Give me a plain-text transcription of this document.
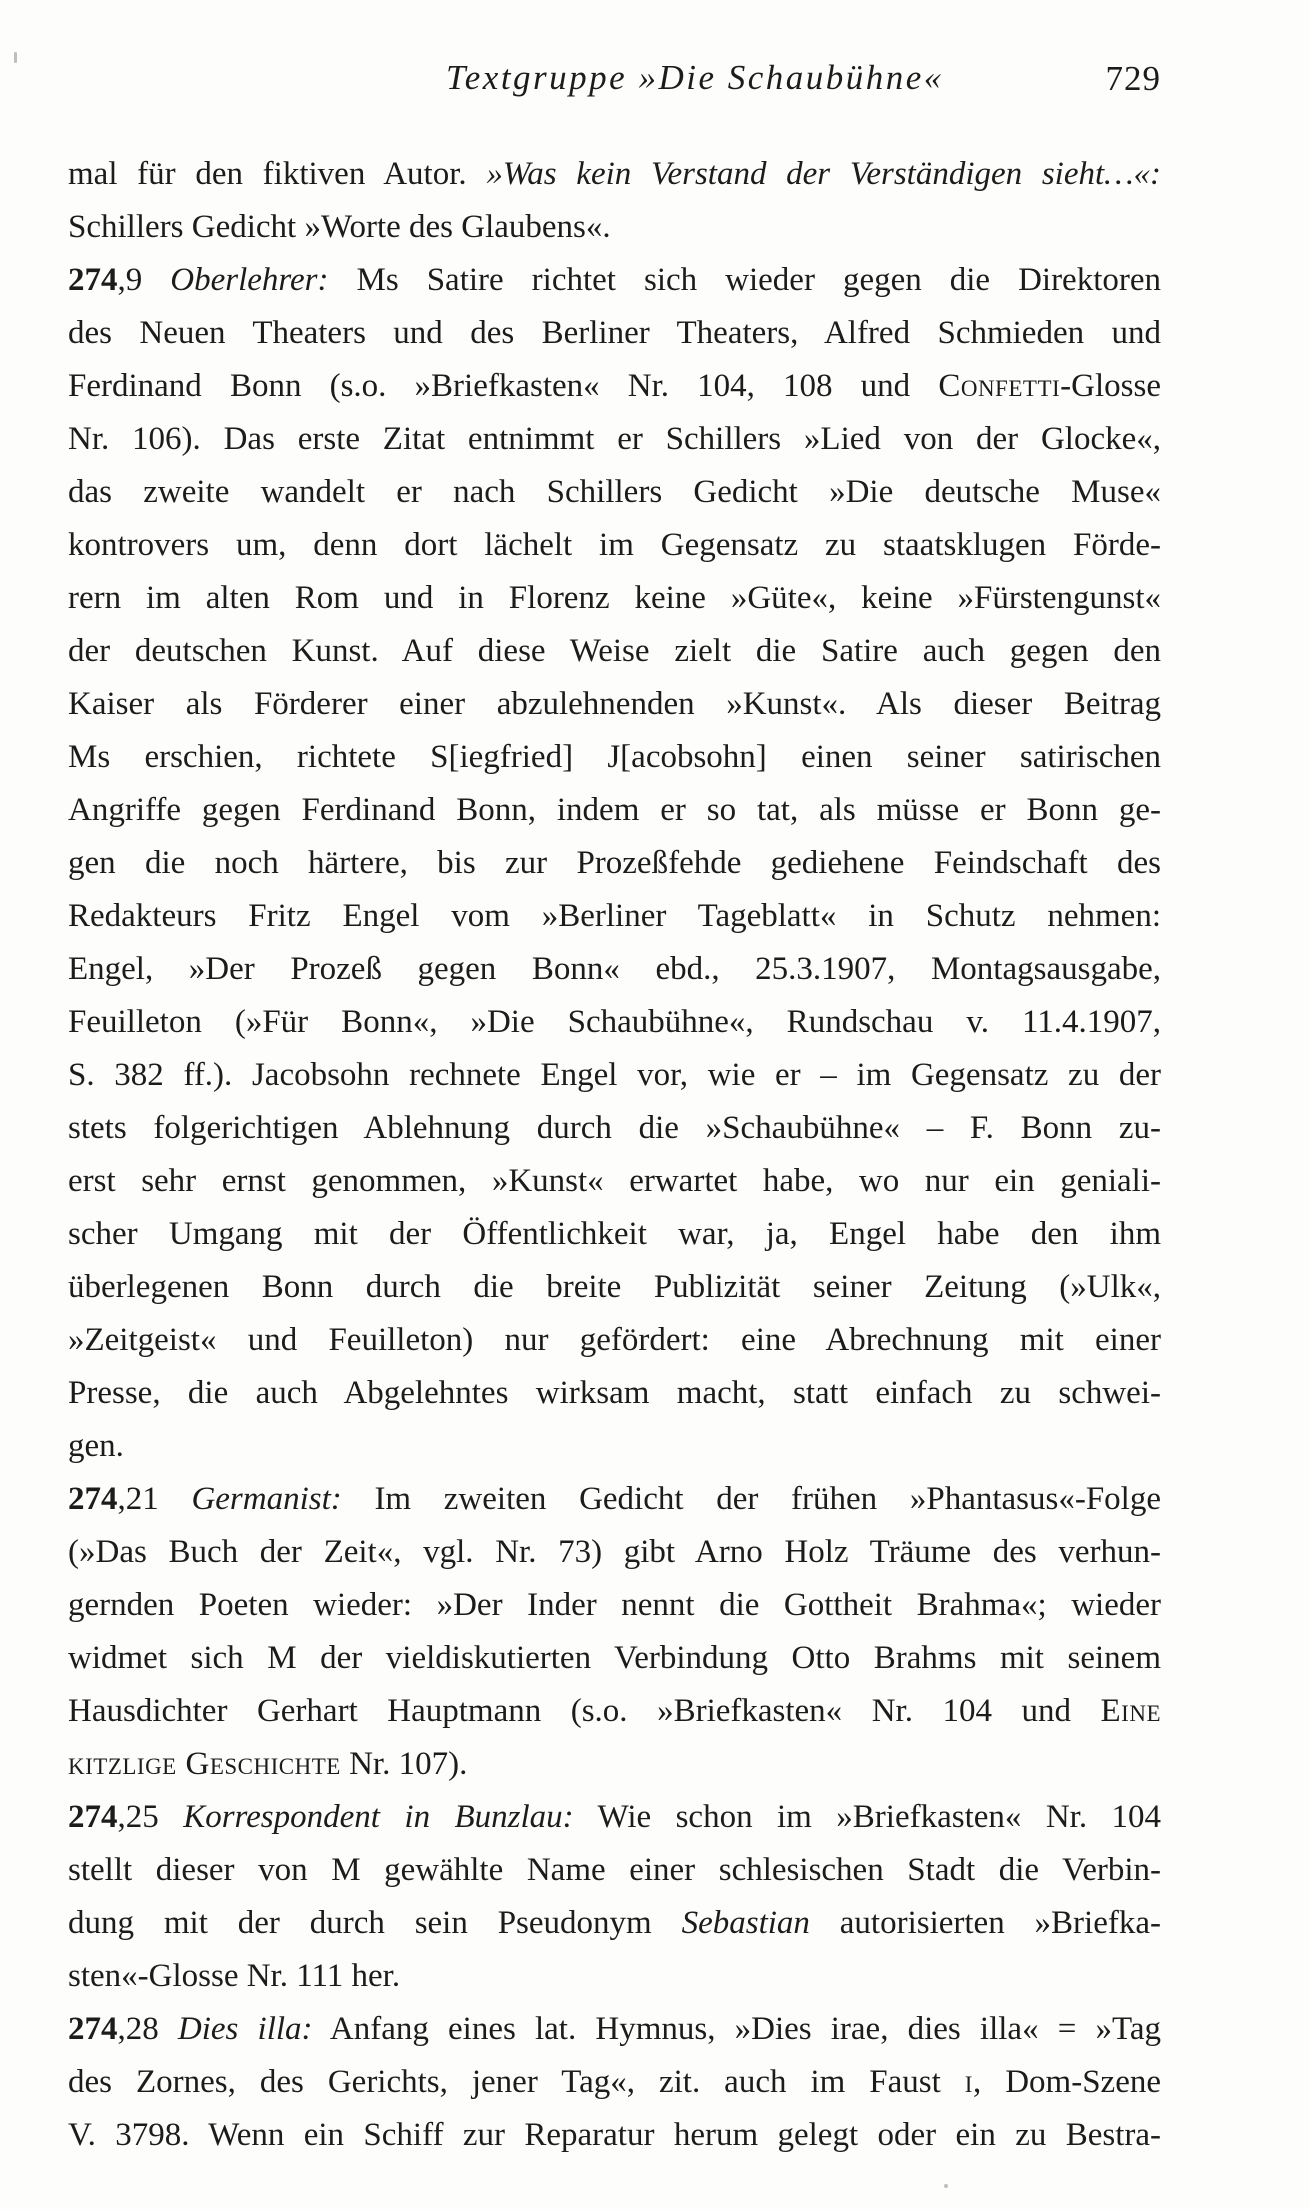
Textgruppe »Die Schaubühne«	729
mal für den fiktiven Autor. »Was kein Verstand der Verständigen sieht…«:
Schillers Gedicht »Worte des Glaubens«.
274,9 Oberlehrer: Ms Satire richtet sich wieder gegen die Direktoren
des Neuen Theaters und des Berliner Theaters, Alfred Schmieden und
Ferdinand Bonn (s.o. »Briefkasten« Nr. 104, 108 und Confetti-Glosse
Nr. 106). Das erste Zitat entnimmt er Schillers »Lied von der Glocke«,
das zweite wandelt er nach Schillers Gedicht »Die deutsche Muse«
kontrovers um, denn dort lächelt im Gegensatz zu staatsklugen Förde-
rern im alten Rom und in Florenz keine »Güte«, keine »Fürstengunst«
der deutschen Kunst. Auf diese Weise zielt die Satire auch gegen den
Kaiser als Förderer einer abzulehnenden »Kunst«. Als dieser Beitrag
Ms erschien, richtete S[iegfried] J[acobsohn] einen seiner satirischen
Angriffe gegen Ferdinand Bonn, indem er so tat, als müsse er Bonn ge-
gen die noch härtere, bis zur Prozeßfehde gediehene Feindschaft des
Redakteurs Fritz Engel vom »Berliner Tageblatt« in Schutz nehmen:
Engel, »Der Prozeß gegen Bonn« ebd., 25.3.1907, Montagsausgabe,
Feuilleton (»Für Bonn«, »Die Schaubühne«, Rundschau v. 11.4.1907,
S. 382 ff.). Jacobsohn rechnete Engel vor, wie er – im Gegensatz zu der
stets folgerichtigen Ablehnung durch die »Schaubühne« – F. Bonn zu-
erst sehr ernst genommen, »Kunst« erwartet habe, wo nur ein geniali-
scher Umgang mit der Öffentlichkeit war, ja, Engel habe den ihm
überlegenen Bonn durch die breite Publizität seiner Zeitung (»Ulk«,
»Zeitgeist« und Feuilleton) nur gefördert: eine Abrechnung mit einer
Presse, die auch Abgelehntes wirksam macht, statt einfach zu schwei-
gen.
274,21 Germanist: Im zweiten Gedicht der frühen »Phantasus«-Folge
(»Das Buch der Zeit«, vgl. Nr. 73) gibt Arno Holz Träume des verhun-
gernden Poeten wieder: »Der Inder nennt die Gottheit Brahma«; wieder
widmet sich M der vieldiskutierten Verbindung Otto Brahms mit seinem
Hausdichter Gerhart Hauptmann (s.o. »Briefkasten« Nr. 104 und Eine
kitzlige Geschichte Nr. 107).
274,25 Korrespondent in Bunzlau: Wie schon im »Briefkasten« Nr. 104
stellt dieser von M gewählte Name einer schlesischen Stadt die Verbin-
dung mit der durch sein Pseudonym Sebastian autorisierten »Briefka-
sten«-Glosse Nr. 111 her.
274,28 Dies illa: Anfang eines lat. Hymnus, »Dies irae, dies illa« = »Tag
des Zornes, des Gerichts, jener Tag«, zit. auch im Faust i, Dom-Szene
V. 3798. Wenn ein Schiff zur Reparatur herum gelegt oder ein zu Bestra-
